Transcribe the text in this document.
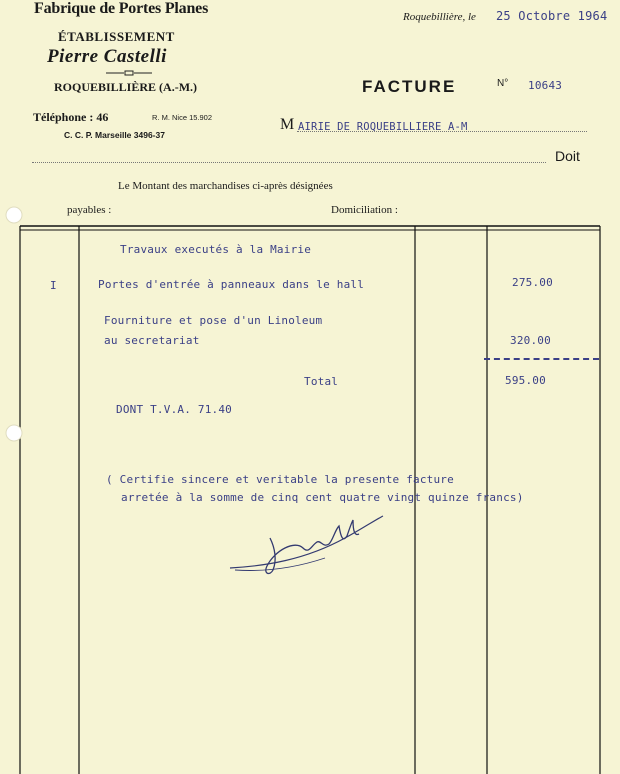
Fabrique de Portes Planes
ÉTABLISSEMENT
Pierre Castelli
ROQUEBILLIÈRE (A.-M.)
Téléphone : 46	R. M. Nice 15.902
C. C. P. Marseille 3496-37
Roquebillière, le 25 Octobre 1964
FACTURE	N° 10643
M AIRIE DE ROQUEBILLIERE A-M
Doit
Le Montant des marchandises ci-après désignées
payables :	Domiciliation :
Travaux executés à la Mairie
I	Portes d'entrée à panneaux dans le hall	275.00
Fourniture et pose d'un Linoleum
au secretariat	320.00
Total	595.00
DONT T.V.A. 71.40
( Certifie sincere et veritable la presente facture
arretée à la somme de cinq cent quatre vingt quinze francs)
